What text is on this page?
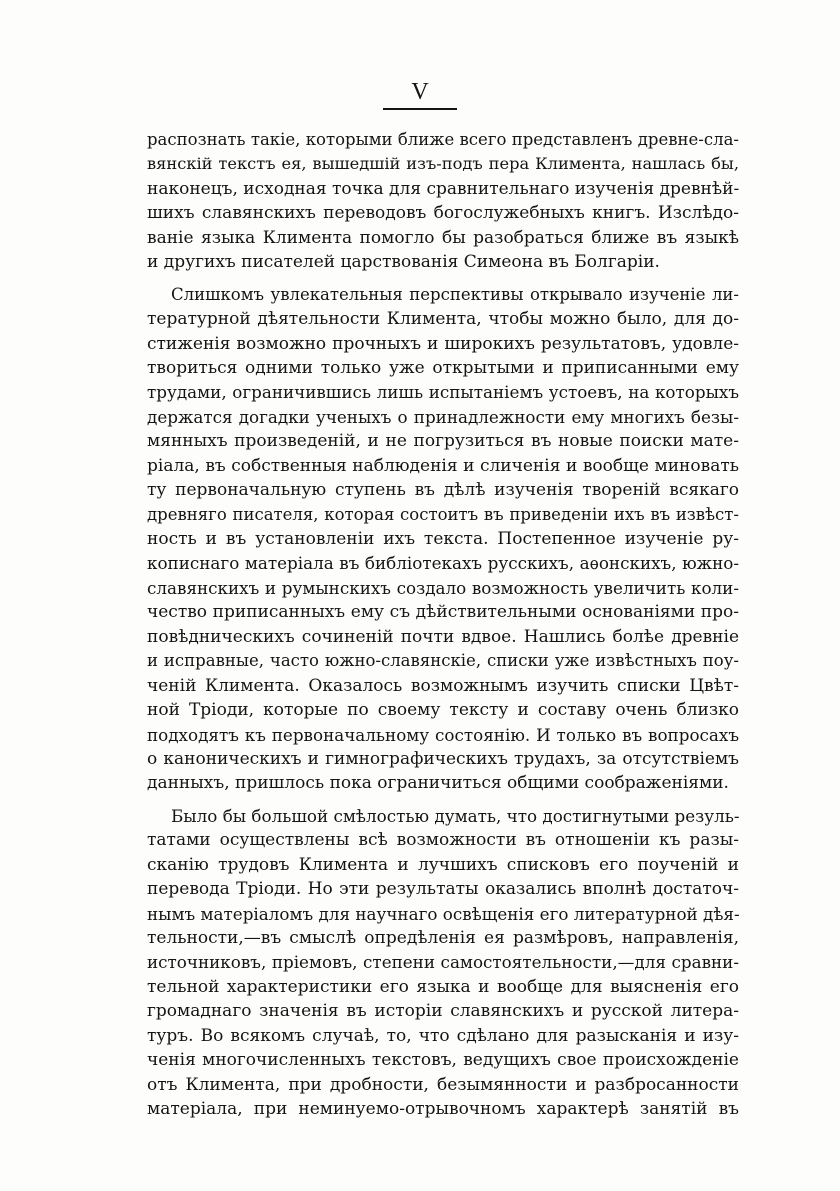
V
распознать такіе, которыми ближе всего представленъ древне-сла-
вянскій текстъ ея, вышедшій изъ-подъ пера Климента, нашлась бы,
наконецъ, исходная точка для сравнительнаго изученія древнѣй-
шихъ славянскихъ переводовъ богослужебныхъ книгъ. Изслѣдо-
ваніе языка Климента помогло бы разобраться ближе въ языкѣ
и другихъ писателей царствованія Симеона въ Болгаріи.
Слишкомъ увлекательныя перспективы открывало изученіе ли-
тературной дѣятельности Климента, чтобы можно было, для до-
стиженія возможно прочныхъ и широкихъ результатовъ, удовле-
твориться одними только уже открытыми и приписанными ему
трудами, ограничившись лишь испытаніемъ устоевъ, на которыхъ
держатся догадки ученыхъ о принадлежности ему многихъ безы-
мянныхъ произведеній, и не погрузиться въ новые поиски мате-
ріала, въ собственныя наблюденія и сличенія и вообще миновать
ту первоначальную ступень въ дѣлѣ изученія твореній всякаго
древняго писателя, которая состоитъ въ приведеніи ихъ въ извѣст-
ность и въ установленіи ихъ текста. Постепенное изученіе ру-
кописнаго матеріала въ библіотекахъ русскихъ, аѳонскихъ, южно-
славянскихъ и румынскихъ создало возможность увеличить коли-
чество приписанныхъ ему съ дѣйствительными основаніями про-
повѣдническихъ сочиненій почти вдвое. Нашлись болѣе древніе
и исправные, часто южно-славянскіе, списки уже извѣстныхъ поу-
ченій Климента. Оказалось возможнымъ изучить списки Цвѣт-
ной Тріоди, которые по своему тексту и составу очень близко
подходятъ къ первоначальному состоянію. И только въ вопросахъ
о каноническихъ и гимнографическихъ трудахъ, за отсутствіемъ
данныхъ, пришлось пока ограничиться общими соображеніями.
Было бы большой смѣлостью думать, что достигнутыми резуль-
татами осуществлены всѣ возможности въ отношеніи къ разы-
сканію трудовъ Климента и лучшихъ списковъ его поученій и
перевода Тріоди. Но эти результаты оказались вполнѣ достаточ-
нымъ матеріаломъ для научнаго освѣщенія его литературной дѣя-
тельности,—въ смыслѣ опредѣленія ея размѣровъ, направленія,
источниковъ, пріемовъ, степени самостоятельности,—для сравни-
тельной характеристики его языка и вообще для выясненія его
громаднаго значенія въ исторіи славянскихъ и русской литера-
туръ. Во всякомъ случаѣ, то, что сдѣлано для разысканія и изу-
ченія многочисленныхъ текстовъ, ведущихъ свое происхожденіе
отъ Климента, при дробности, безымянности и разбросанности
матеріала, при неминуемо-отрывочномъ характерѣ занятій въ
